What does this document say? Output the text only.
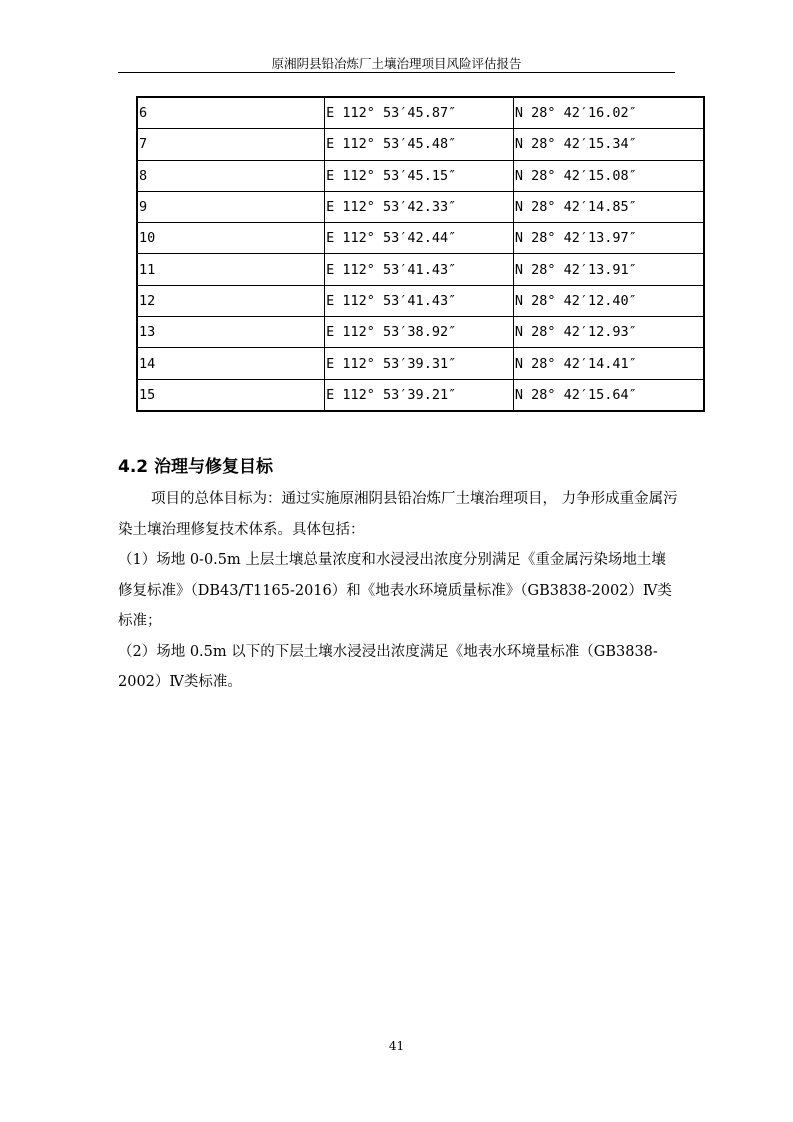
原湘阴县铅冶炼厂土壤治理项目风险评估报告
6	E 112° 53′45.87″	N 28° 42′16.02″
7	E 112° 53′45.48″	N 28° 42′15.34″
8	E 112° 53′45.15″	N 28° 42′15.08″
9	E 112° 53′42.33″	N 28° 42′14.85″
10	E 112° 53′42.44″	N 28° 42′13.97″
11	E 112° 53′41.43″	N 28° 42′13.91″
12	E 112° 53′41.43″	N 28° 42′12.40″
13	E 112° 53′38.92″	N 28° 42′12.93″
14	E 112° 53′39.31″	N 28° 42′14.41″
15	E 112° 53′39.21″	N 28° 42′15.64″
4.2 治理与修复目标

项目的总体目标为：通过实施原湘阴县铅冶炼厂土壤治理项目， 力争形成重金属污染土壤治理修复技术体系。具体包括：

（1）场地 0-0.5m 上层土壤总量浓度和水浸浸出浓度分别满足《重金属污染场地土壤修复标准》（DB43/T1165-2016）和《地表水环境质量标准》（GB3838-2002）Ⅳ类标准；

（2）场地 0.5m 以下的下层土壤水浸浸出浓度满足《地表水环境量标准（GB3838-2002）Ⅳ类标准。

41
